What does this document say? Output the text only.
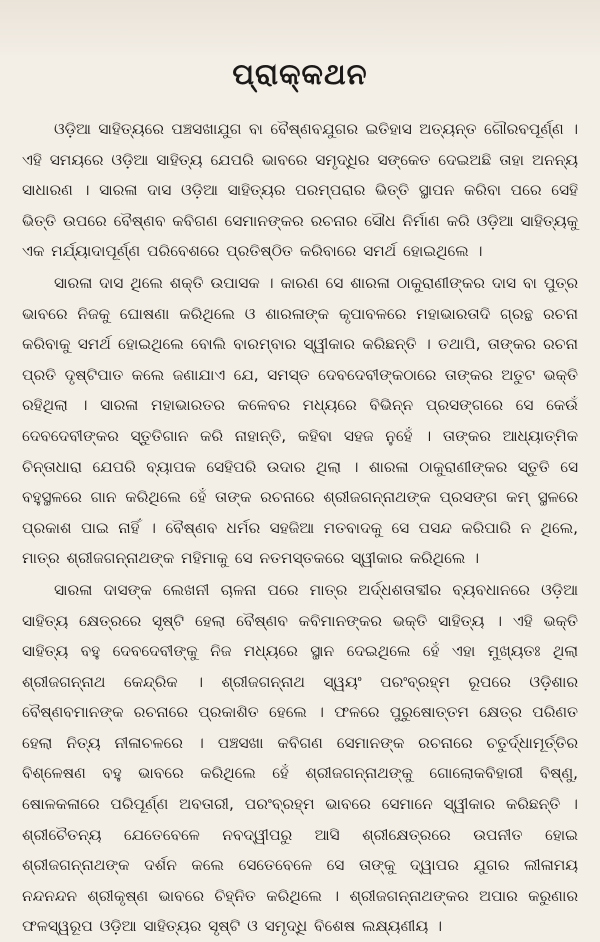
ପ୍ରାକ୍‌କଥନ

ଓଡ଼ିଆ ସାହିତ୍ୟରେ ପଞ୍ଚସଖାଯୁଗ ବା ବୈଷ୍ଣବଯୁଗର ଇତିହାସ ଅତ୍ୟନ୍ତ ଗୌରବପୂର୍ଣ୍ଣ । ଏହି ସମୟରେ ଓଡ଼ିଆ ସାହିତ୍ୟ ଯେପରି ଭାବରେ ସମୃଦ୍ଧିର ସଙ୍କେତ ଦେଇଅଛି ତାହା ଅନନ୍ୟ ସାଧାରଣ । ସାରଳା ଦାସ ଓଡ଼ିଆ ସାହିତ୍ୟର ପରମ୍ପରାର ଭିତ୍ତି ସ୍ଥାପନ କରିବା ପରେ ସେହି ଭିତ୍ତି ଉପରେ ବୈଷ୍ଣବ କବିଗଣ ସେମାନଙ୍କର ରଚନାର ସୌଧ ନିର୍ମାଣ କରି ଓଡ଼ିଆ ସାହିତ୍ୟକୁ ଏକ ମର୍ଯ୍ୟାଦାପୂର୍ଣ୍ଣ ପରିବେଶରେ ପ୍ରତିଷ୍ଠିତ କରିବାରେ ସମର୍ଥ ହୋଇଥିଲେ ।

ସାରଳା ଦାସ ଥିଲେ ଶକ୍ତି ଉପାସକ । କାରଣ ସେ ଶାରଳା ଠାକୁରାଣୀଙ୍କର ଦାସ ବା ପୁତ୍ର ଭାବରେ ନିଜକୁ ଘୋଷଣା କରିଥିଲେ ଓ ଶାରଳାଙ୍କ କୃପାବଳରେ ମହାଭାରତାଦି ଗ୍ରନ୍ଥ ରଚନା କରିବାକୁ ସମର୍ଥ ହୋଇଥିଲେ ବୋଲି ବାରମ୍ବାର ସ୍ୱୀକାର କରିଛନ୍ତି । ତଥାପି, ତାଙ୍କର ରଚନା ପ୍ରତି ଦୃଷ୍ଟିପାତ କଲେ ଜଣାଯାଏ ଯେ, ସମସ୍ତ ଦେବଦେବୀଙ୍କଠାରେ ତାଙ୍କର ଅତୁଟ ଭକ୍ତି ରହିଥିଲା । ସାରଳା ମହାଭାରତର କଳେବର ମଧ୍ୟରେ ବିଭିନ୍ନ ପ୍ରସଙ୍ଗରେ ସେ କେଉଁ ଦେବଦେବୀଙ୍କର ସ୍ତୁତିଗାନ କରି ନାହାନ୍ତି, କହିବା ସହଜ ନୁହେଁ । ତାଙ୍କର ଆଧ୍ୟାତ୍ମିକ ଚିନ୍ତାଧାରା ଯେପରି ବ୍ୟାପକ ସେହିପରି ଉଦାର ଥିଲା । ଶାରଳା ଠାକୁରାଣୀଙ୍କର ସ୍ତୁତି ସେ ବହୁସ୍ଥଳରେ ଗାନ କରିଥିଲେ ହେଁ ତାଙ୍କ ରଚନାରେ ଶ୍ରୀଜଗନ୍ନାଥଙ୍କ ପ୍ରସଙ୍ଗ କମ୍ ସ୍ଥଳରେ ପ୍ରକାଶ ପାଇ ନାହିଁ । ବୈଷ୍ଣବ ଧର୍ମର ସହଜିଆ ମତବାଦକୁ ସେ ପସନ୍ଦ କରିପାରି ନ ଥିଲେ, ମାତ୍ର ଶ୍ରୀଜଗନ୍ନାଥଙ୍କ ମହିମାକୁ ସେ ନତମସ୍ତକରେ ସ୍ୱୀକାର କରିଥିଲେ ।

ସାରଳା ଦାସଙ୍କ ଲେଖନୀ ଚାଳନା ପରେ ମାତ୍ର ଅର୍ଦ୍ଧଶତାବ୍ଦୀର ବ୍ୟବଧାନରେ ଓଡ଼ିଆ ସାହିତ୍ୟ କ୍ଷେତ୍ରରେ ସୃଷ୍ଟି ହେଲା ବୈଷ୍ଣବ କବିମାନଙ୍କର ଭକ୍ତି ସାହିତ୍ୟ । ଏହି ଭକ୍ତି ସାହିତ୍ୟ ବହୁ ଦେବଦେବୀଙ୍କୁ ନିଜ ମଧ୍ୟରେ ସ୍ଥାନ ଦେଇଥିଲେ ହେଁ ଏହା ମୁଖ୍ୟତଃ ଥିଲା ଶ୍ରୀଜଗନ୍ନାଥ କେନ୍ଦ୍ରିକ । ଶ୍ରୀଜଗନ୍ନାଥ ସ୍ୱୟଂ ପରଂବ୍ରହ୍ମ ରୂପରେ ଓଡ଼ିଶାର ବୈଷ୍ଣବମାନଙ୍କ ରଚନାରେ ପ୍ରକାଶିତ ହେଲେ । ଫଳରେ ପୁରୁଷୋତ୍ତମ କ୍ଷେତ୍ର ପରିଣତ ହେଲା ନିତ୍ୟ ନୀଳାଚଳରେ । ପଞ୍ଚସଖା କବିଗଣ ସେମାନଙ୍କ ରଚନାରେ ଚତୁର୍ଦ୍ଧାମୂର୍ତ୍ତିର ବିଶ୍ଳେଷଣ ବହୁ ଭାବରେ କରିଥିଲେ ହେଁ ଶ୍ରୀଜଗନ୍ନାଥଙ୍କୁ ଗୋଲୋକବିହାରୀ ବିଷ୍ଣୁ, ଷୋଳକଳାରେ ପରିପୂର୍ଣ୍ଣ ଅବତାରୀ, ପରଂବ୍ରହ୍ମ ଭାବରେ ସେମାନେ ସ୍ୱୀକାର କରିଛନ୍ତି । ଶ୍ରୀଚୈତନ୍ୟ ଯେତେବେଳେ ନବଦ୍ୱୀପରୁ ଆସି ଶ୍ରୀକ୍ଷେତ୍ରରେ ଉପନୀତ ହୋଇ ଶ୍ରୀଜଗନ୍ନାଥଙ୍କ ଦର୍ଶନ କଲେ ସେତେବେଳେ ସେ ତାଙ୍କୁ ଦ୍ୱାପର ଯୁଗର ଲୀଳାମୟ ନନ୍ଦନନ୍ଦନ ଶ୍ରୀକୃଷ୍ଣ ଭାବରେ ଚିହ୍ନିତ କରିଥିଲେ । ଶ୍ରୀଜଗନ୍ନାଥଙ୍କର ଅପାର କରୁଣାର ଫଳସ୍ୱରୂପ ଓଡ଼ିଆ ସାହିତ୍ୟର ସୃଷ୍ଟି ଓ ସମୃଦ୍ଧି ବିଶେଷ ଲକ୍ଷ୍ୟଣୀୟ ।
